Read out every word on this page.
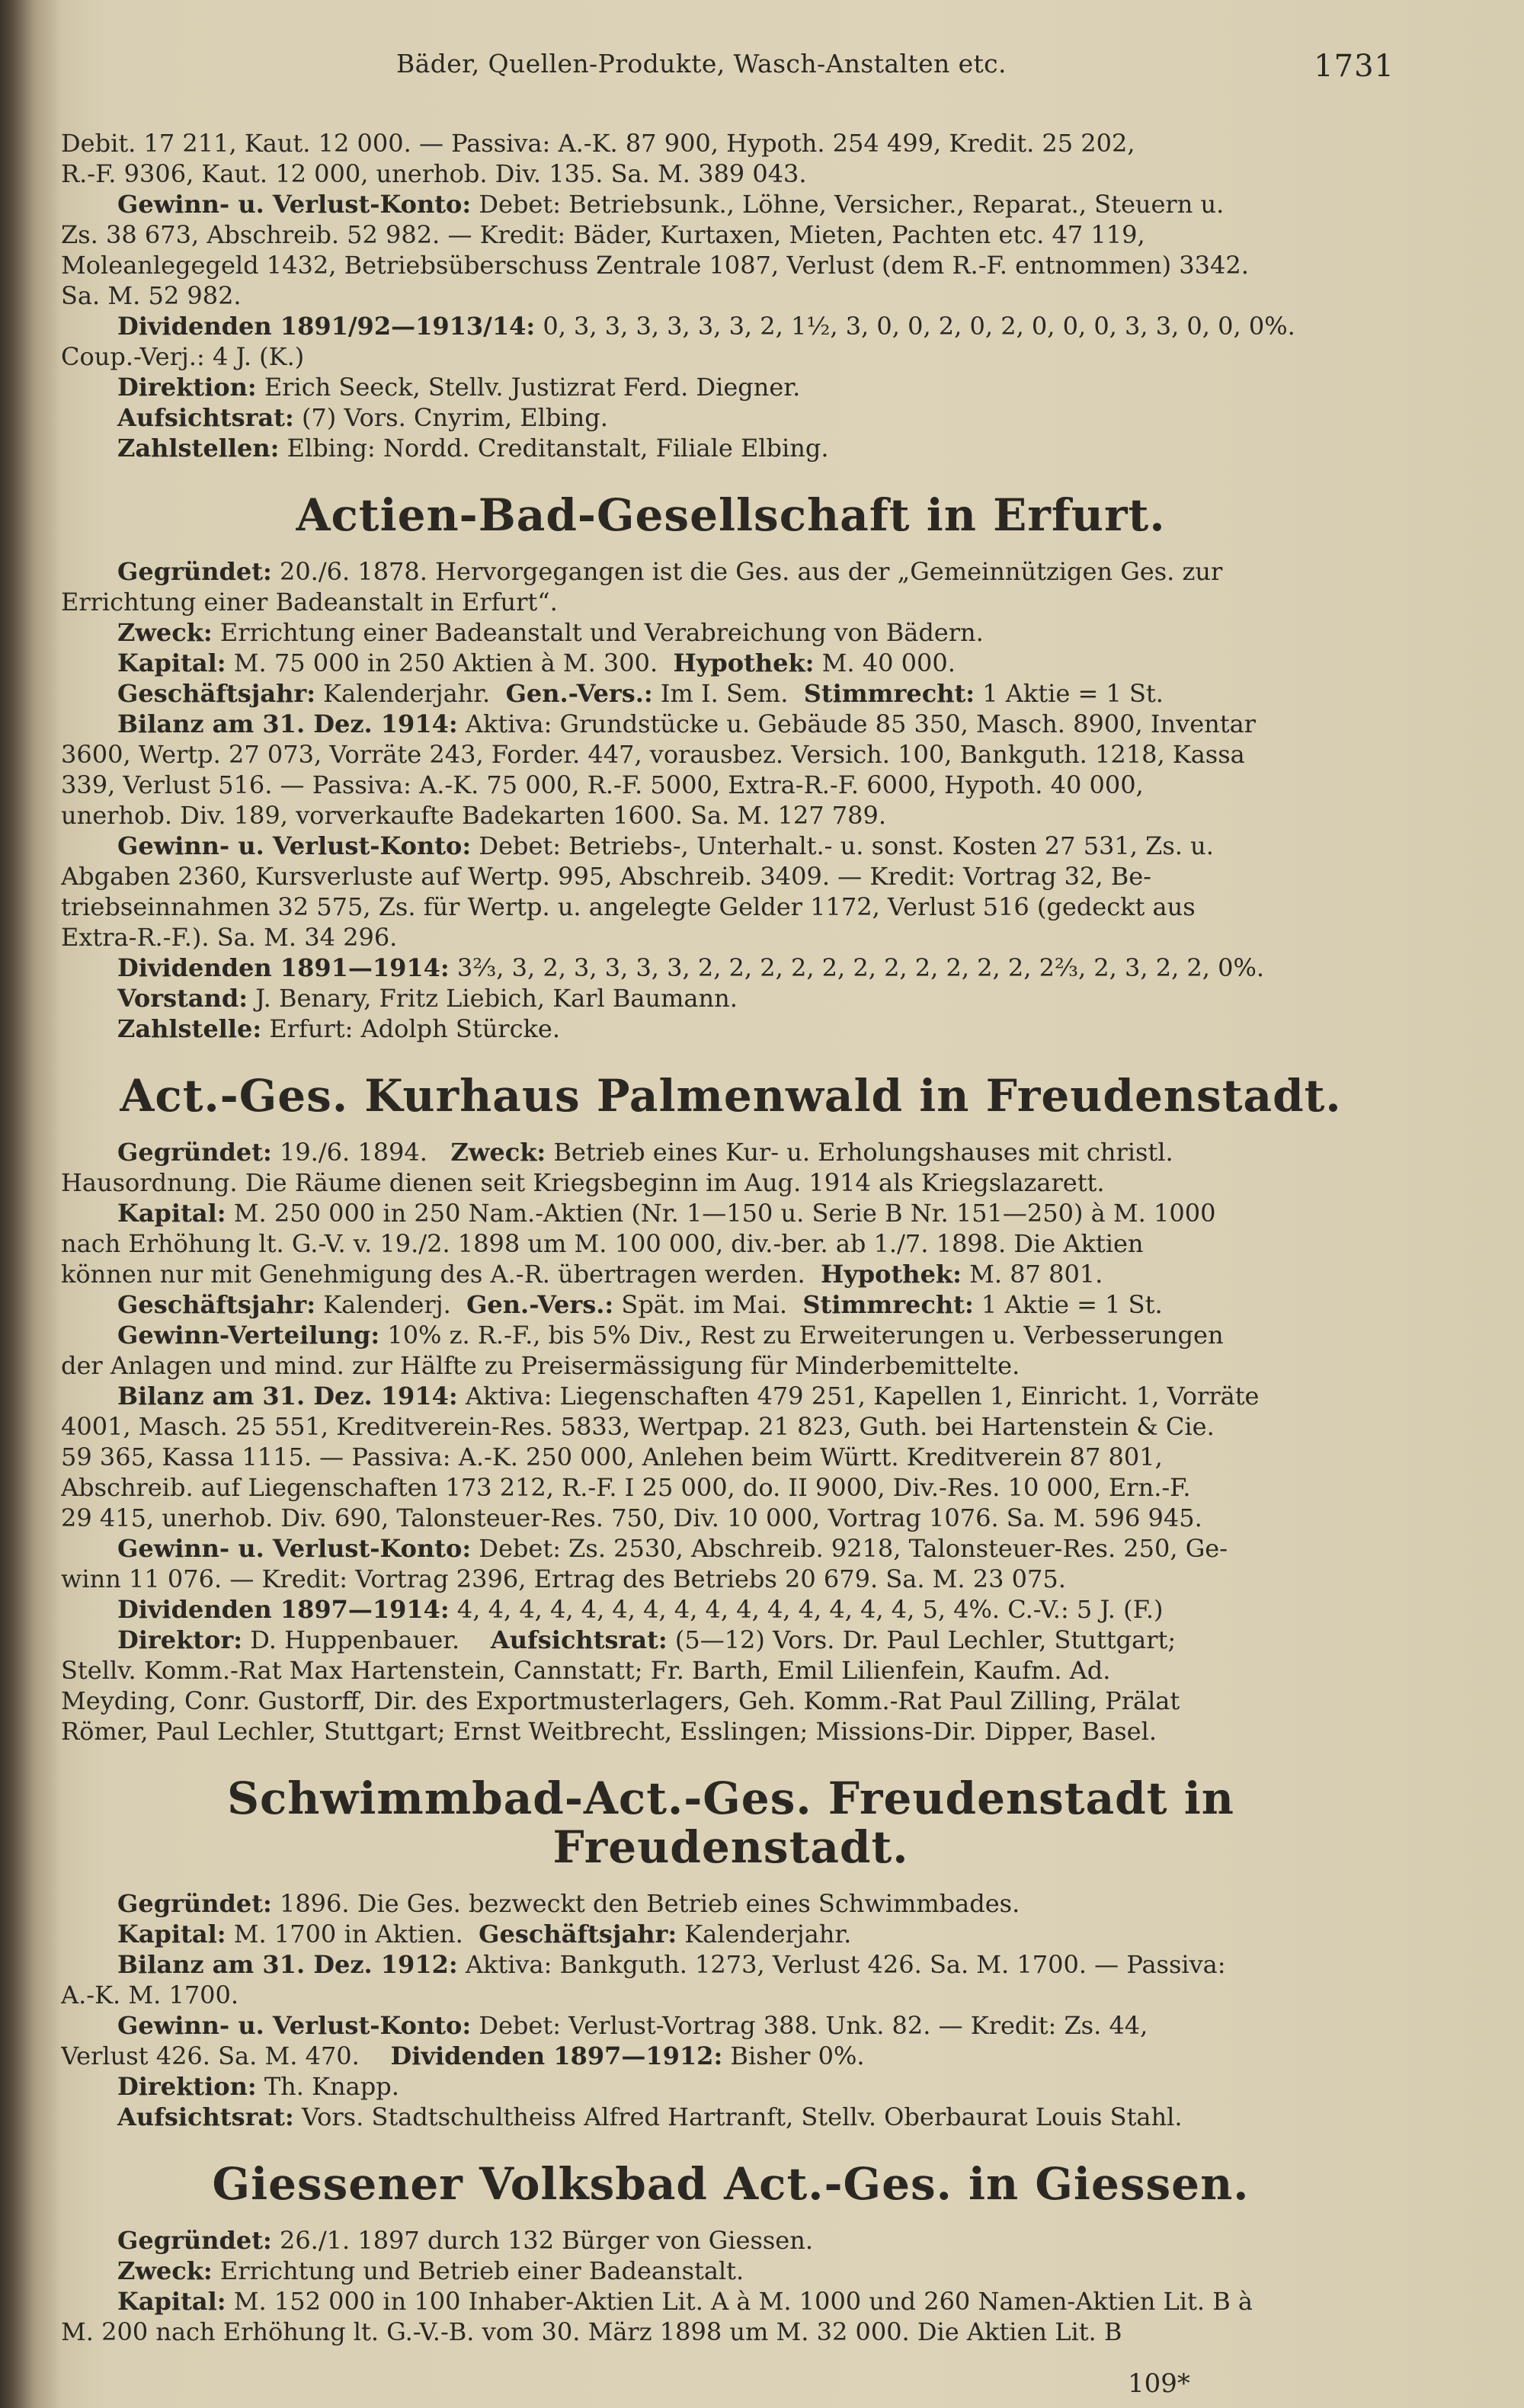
Bäder, Quellen-Produkte, Wasch-Anstalten etc.	1731
Debit. 17 211, Kaut. 12 000. — Passiva: A.-K. 87 900, Hypoth. 254 499, Kredit. 25 202,
R.-F. 9306, Kaut. 12 000, unerhob. Div. 135. Sa. M. 389 043.
Gewinn- u. Verlust-Konto: Debet: Betriebsunk., Löhne, Versicher., Reparat., Steuern u.
Zs. 38 673, Abschreib. 52 982. — Kredit: Bäder, Kurtaxen, Mieten, Pachten etc. 47 119,
Moleanlegegeld 1432, Betriebsüberschuss Zentrale 1087, Verlust (dem R.-F. entnommen) 3342.
Sa. M. 52 982.
Dividenden 1891/92—1913/14: 0, 3, 3, 3, 3, 3, 3, 2, 1½, 3, 0, 0, 2, 0, 2, 0, 0, 0, 3, 3, 0, 0, 0%.
Coup.-Verj.: 4 J. (K.)
Direktion: Erich Seeck, Stellv. Justizrat Ferd. Diegner.
Aufsichtsrat: (7) Vors. Cnyrim, Elbing.
Zahlstellen: Elbing: Nordd. Creditanstalt, Filiale Elbing.
Actien-Bad-Gesellschaft in Erfurt.
Gegründet: 20./6. 1878. Hervorgegangen ist die Ges. aus der „Gemeinnützigen Ges. zur
Errichtung einer Badeanstalt in Erfurt“.
Zweck: Errichtung einer Badeanstalt und Verabreichung von Bädern.
Kapital: M. 75 000 in 250 Aktien à M. 300. Hypothek: M. 40 000.
Geschäftsjahr: Kalenderjahr. Gen.-Vers.: Im I. Sem. Stimmrecht: 1 Aktie = 1 St.
Bilanz am 31. Dez. 1914: Aktiva: Grundstücke u. Gebäude 85 350, Masch. 8900, Inventar
3600, Wertp. 27 073, Vorräte 243, Forder. 447, vorausbez. Versich. 100, Bankguth. 1218, Kassa
339, Verlust 516. — Passiva: A.-K. 75 000, R.-F. 5000, Extra-R.-F. 6000, Hypoth. 40 000,
unerhob. Div. 189, vorverkaufte Badekarten 1600. Sa. M. 127 789.
Gewinn- u. Verlust-Konto: Debet: Betriebs-, Unterhalt.- u. sonst. Kosten 27 531, Zs. u.
Abgaben 2360, Kursverluste auf Wertp. 995, Abschreib. 3409. — Kredit: Vortrag 32, Be-
triebseinnahmen 32 575, Zs. für Wertp. u. angelegte Gelder 1172, Verlust 516 (gedeckt aus
Extra-R.-F.). Sa. M. 34 296.
Dividenden 1891—1914: 3⅔, 3, 2, 3, 3, 3, 3, 2, 2, 2, 2, 2, 2, 2, 2, 2, 2, 2, 2⅔, 2, 3, 2, 2, 0%.
Vorstand: J. Benary, Fritz Liebich, Karl Baumann.
Zahlstelle: Erfurt: Adolph Stürcke.
Act.-Ges. Kurhaus Palmenwald in Freudenstadt.
Gegründet: 19./6. 1894. Zweck: Betrieb eines Kur- u. Erholungshauses mit christl.
Hausordnung. Die Räume dienen seit Kriegsbeginn im Aug. 1914 als Kriegslazarett.
Kapital: M. 250 000 in 250 Nam.-Aktien (Nr. 1—150 u. Serie B Nr. 151—250) à M. 1000
nach Erhöhung lt. G.-V. v. 19./2. 1898 um M. 100 000, div.-ber. ab 1./7. 1898. Die Aktien
können nur mit Genehmigung des A.-R. übertragen werden. Hypothek: M. 87 801.
Geschäftsjahr: Kalenderj. Gen.-Vers.: Spät. im Mai. Stimmrecht: 1 Aktie = 1 St.
Gewinn-Verteilung: 10% z. R.-F., bis 5% Div., Rest zu Erweiterungen u. Verbesserungen
der Anlagen und mind. zur Hälfte zu Preisermässigung für Minderbemittelte.
Bilanz am 31. Dez. 1914: Aktiva: Liegenschaften 479 251, Kapellen 1, Einricht. 1, Vorräte
4001, Masch. 25 551, Kreditverein-Res. 5833, Wertpap. 21 823, Guth. bei Hartenstein & Cie.
59 365, Kassa 1115. — Passiva: A.-K. 250 000, Anlehen beim Württ. Kreditverein 87 801,
Abschreib. auf Liegenschaften 173 212, R.-F. I 25 000, do. II 9000, Div.-Res. 10 000, Ern.-F.
29 415, unerhob. Div. 690, Talonsteuer-Res. 750, Div. 10 000, Vortrag 1076. Sa. M. 596 945.
Gewinn- u. Verlust-Konto: Debet: Zs. 2530, Abschreib. 9218, Talonsteuer-Res. 250, Ge-
winn 11 076. — Kredit: Vortrag 2396, Ertrag des Betriebs 20 679. Sa. M. 23 075.
Dividenden 1897—1914: 4, 4, 4, 4, 4, 4, 4, 4, 4, 4, 4, 4, 4, 4, 4, 5, 4%. C.-V.: 5 J. (F.)
Direktor: D. Huppenbauer. Aufsichtsrat: (5—12) Vors. Dr. Paul Lechler, Stuttgart;
Stellv. Komm.-Rat Max Hartenstein, Cannstatt; Fr. Barth, Emil Lilienfein, Kaufm. Ad.
Meyding, Conr. Gustorff, Dir. des Exportmusterlagers, Geh. Komm.-Rat Paul Zilling, Prälat
Römer, Paul Lechler, Stuttgart; Ernst Weitbrecht, Esslingen; Missions-Dir. Dipper, Basel.
Schwimmbad-Act.-Ges. Freudenstadt in Freudenstadt.
Gegründet: 1896. Die Ges. bezweckt den Betrieb eines Schwimmbades.
Kapital: M. 1700 in Aktien. Geschäftsjahr: Kalenderjahr.
Bilanz am 31. Dez. 1912: Aktiva: Bankguth. 1273, Verlust 426. Sa. M. 1700. — Passiva:
A.-K. M. 1700.
Gewinn- u. Verlust-Konto: Debet: Verlust-Vortrag 388. Unk. 82. — Kredit: Zs. 44,
Verlust 426. Sa. M. 470. Dividenden 1897—1912: Bisher 0%.
Direktion: Th. Knapp.
Aufsichtsrat: Vors. Stadtschultheiss Alfred Hartranft, Stellv. Oberbaurat Louis Stahl.
Giessener Volksbad Act.-Ges. in Giessen.
Gegründet: 26./1. 1897 durch 132 Bürger von Giessen.
Zweck: Errichtung und Betrieb einer Badeanstalt.
Kapital: M. 152 000 in 100 Inhaber-Aktien Lit. A à M. 1000 und 260 Namen-Aktien Lit. B à
M. 200 nach Erhöhung lt. G.-V.-B. vom 30. März 1898 um M. 32 000. Die Aktien Lit. B
109*
